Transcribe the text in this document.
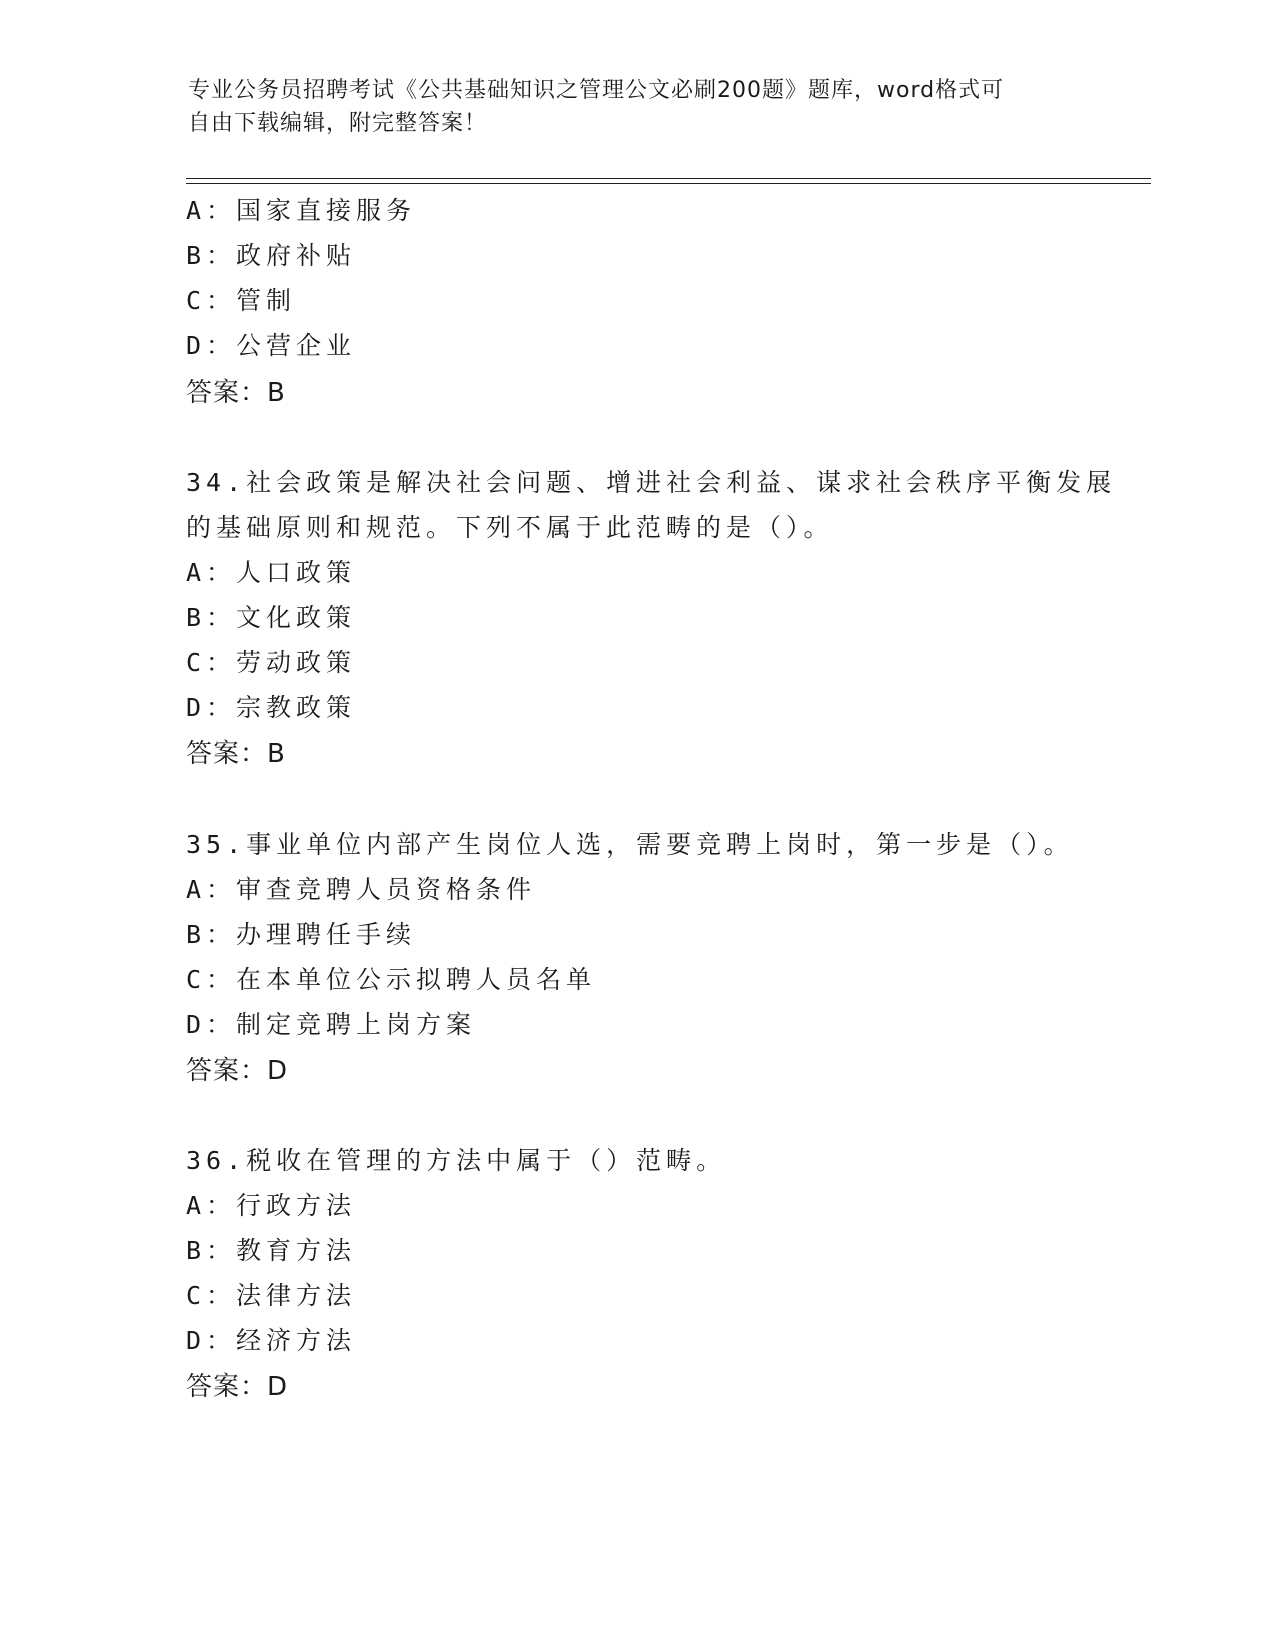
专业公务员招聘考试《公共基础知识之管理公文必刷200题》题库，word格式可
自由下载编辑，附完整答案！
A：国家直接服务
B：政府补贴
C：管制
D：公营企业
答案：B
34.社会政策是解决社会问题、增进社会利益、谋求社会秩序平衡发展
的基础原则和规范。下列不属于此范畴的是（）。
A：人口政策
B：文化政策
C：劳动政策
D：宗教政策
答案：B
35.事业单位内部产生岗位人选，需要竞聘上岗时，第一步是（）。
A：审查竞聘人员资格条件
B：办理聘任手续
C：在本单位公示拟聘人员名单
D：制定竞聘上岗方案
答案：D
36.税收在管理的方法中属于（）范畴。
A：行政方法
B：教育方法
C：法律方法
D：经济方法
答案：D
